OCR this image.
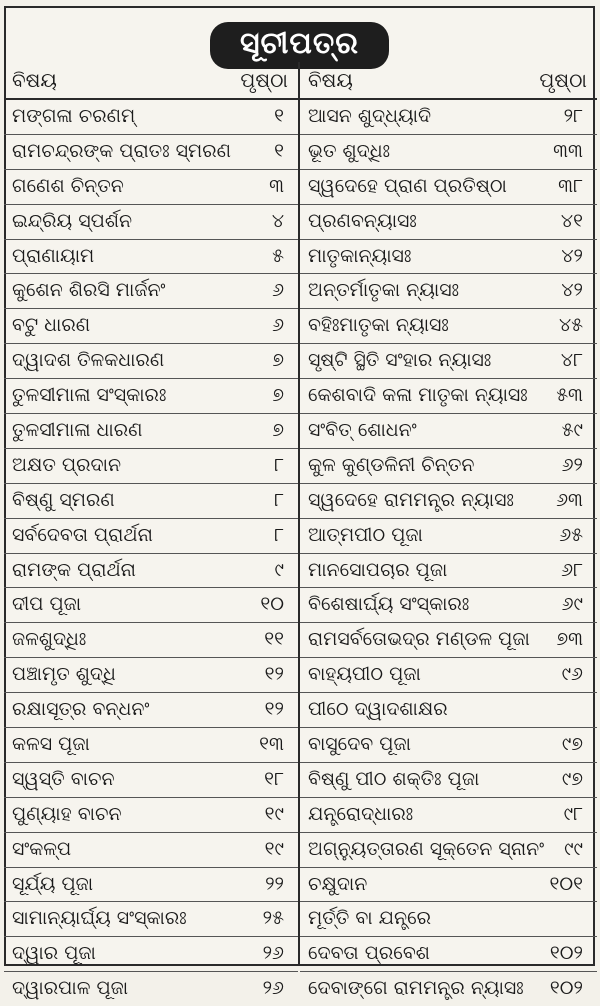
ସୂଚୀପତ୍ର
ବିଷୟ	ପୃଷ୍ଠା
ମଙ୍ଗଳା ଚରଣମ୍	୧
ରାମଚନ୍ଦ୍ରଙ୍କ ପ୍ରାତଃ ସ୍ମରଣ ୧
ଗଣେଶ ଚିନ୍ତନ	୩
ଇନ୍ଦ୍ରିୟ ସ୍ପର୍ଶନ	୪
ପ୍ରାଣାୟାମ	୫
କୁଶେନ ଶିରସି ମାର୍ଜନଂ	୬
ବଟୁ ଧାରଣ	୬
ଦ୍ୱାଦଶ ତିଳକଧାରଣ	୭
ତୁଳସୀମାଳା ସଂସ୍କାରଃ	୭
ତୁଳସୀମାଳା ଧାରଣ	୭
ଅକ୍ଷତ ପ୍ରଦାନ	୮
ବିଷ୍ଣୁ ସ୍ମରଣ	୮
ସର୍ବଦେବତା ପ୍ରାର୍ଥନା	୮
ରାମଙ୍କ ପ୍ରାର୍ଥନା	୯
ଦୀପ ପୂଜା	୧୦
ଜଳଶୁଦ୍ଧିଃ	୧୧
ପଞ୍ଚାମୃତ ଶୁଦ୍ଧି	୧୨
ରକ୍ଷାସୂତ୍ର ବନ୍ଧନଂ	୧୨
କଳସ ପୂଜା	୧୩
ସ୍ୱସ୍ତି ବାଚନ	୧୮
ପୁଣ୍ୟାହ ବାଚନ	୧୯
ସଂକଳ୍ପ	୧୯
ସୂର୍ଯ୍ୟ ପୂଜା	୨୨
ସାମାନ୍ୟାର୍ଘ୍ୟ ସଂସ୍କାରଃ	୨୫
ଦ୍ୱାର ପୂଜା	୨୬
ଦ୍ୱାରପାଳ ପୂଜା	୨୬
ବିଷୟ	ପୃଷ୍ଠା
ଆସନ ଶୁଦ୍ଧ୍ୟାଦି	୨୮
ଭୂତ ଶୁଦ୍ଧିଃ	୩୩
ସ୍ୱଦେହେ ପ୍ରାଣ ପ୍ରତିଷ୍ଠା	୩୮
ପ୍ରଣବନ୍ୟାସଃ	୪୧
ମାତୃକାନ୍ୟାସଃ	୪୨
ଅନ୍ତର୍ମାତୃକା ନ୍ୟାସଃ	୪୨
ବହିଃମାତୃକା ନ୍ୟାସଃ	୪୫
ସୃଷ୍ଟି ସ୍ଥିତି ସଂହାର ନ୍ୟାସଃ	୪୮
କେଶବାଦି କଳା ମାତୃକା ନ୍ୟାସଃ ୫୩
ସଂବିତ୍ ଶୋଧନଂ	୫୯
କୁଳ କୁଣ୍ଡଳିନୀ ଚିନ୍ତନ	୬୨
ସ୍ୱଦେହେ ରାମମନ୍ତ୍ର ନ୍ୟାସଃ ୬୩
ଆତ୍ମପୀଠ ପୂଜା	୬୫
ମାନସୋପଚାର ପୂଜା	୬୮
ବିଶେଷାର୍ଘ୍ୟ ସଂସ୍କାରଃ	୬୯
ରାମସର୍ବତୋଭଦ୍ର ମଣ୍ଡଳ ପୂଜା ୭୩
ବାହ୍ୟପୀଠ ପୂଜା	୯୬
ପୀଠେ ଦ୍ୱାଦଶାକ୍ଷର
ବାସୁଦେବ ପୂଜା	୯୭
ବିଷ୍ଣୁ ପୀଠ ଶକ୍ତିଃ ପୂଜା	୯୭
ଯନ୍ତ୍ରୋଦ୍ଧାରଃ	୯୮
ଅଗ୍ନ୍ୟୁତ୍ତାରଣ ସୂକ୍ତେନ ସ୍ନାନଂ ୯୯
ଚକ୍ଷୁଦାନ	୧୦୧
ମୂର୍ତ୍ତି ବା ଯନ୍ତ୍ରେ
ଦେବତା ପ୍ରବେଶ	୧୦୨
ଦେବାଙ୍ଗେ ରାମମନ୍ତ୍ର ନ୍ୟାସଃ ୧୦୨
